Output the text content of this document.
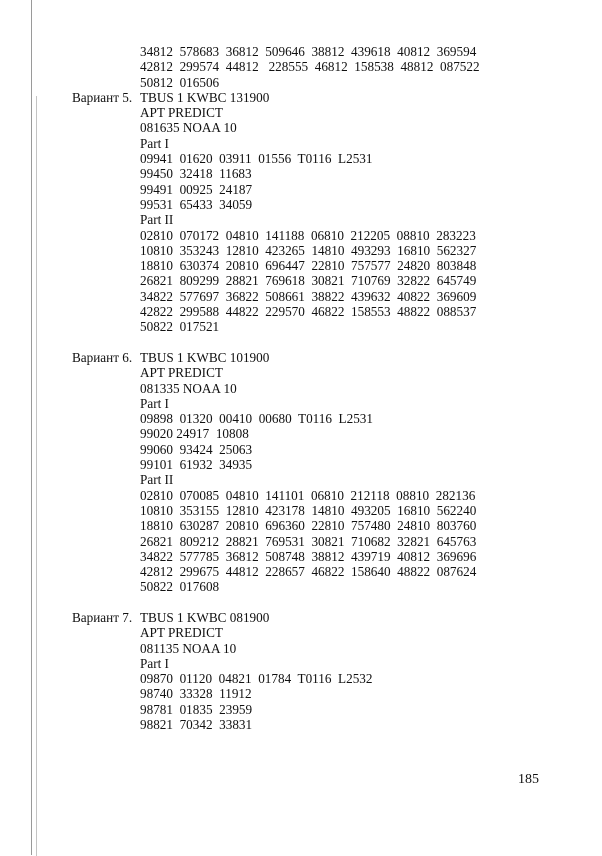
34812  578683  36812  509646  38812  439618  40812  369594
42812  299574  44812   228555  46812  158538  48812  087522
50812  016506
Вариант 5. TBUS 1 KWBC 131900
APT PREDICT
081635 NOAA 10
Part I
09941  01620  03911  01556  T0116  L2531
99450  32418  11683
99491  00925  24187
99531  65433  34059
Part II
02810  070172  04810  141188  06810  212205  08810  283223
10810  353243  12810  423265  14810  493293  16810  562327
18810  630374  20810  696447  22810  757577  24820  803848
26821  809299  28821  769618  30821  710769  32822  645749
34822  577697  36822  508661  38822  439632  40822  369609
42822  299588  44822  229570  46822  158553  48822  088537
50822  017521
Вариант 6. TBUS 1 KWBC 101900
APT PREDICT
081335 NOAA 10
Part I
09898  01320  00410  00680  T0116  L2531
99020 24917  10808
99060  93424  25063
99101  61932  34935
Part II
02810  070085  04810  141101  06810  212118  08810  282136
10810  353155  12810  423178  14810  493205  16810  562240
18810  630287  20810  696360  22810  757480  24810  803760
26821  809212  28821  769531  30821  710682  32821  645763
34822  577785  36812  508748  38812  439719  40812  369696
42812  299675  44812  228657  46822  158640  48822  087624
50822  017608
Вариант 7. TBUS 1 KWBC 081900
APT PREDICT
081135 NOAA 10
Part I
09870  01120  04821  01784  T0116  L2532
98740  33328  11912
98781  01835  23959
98821  70342  33831
185
